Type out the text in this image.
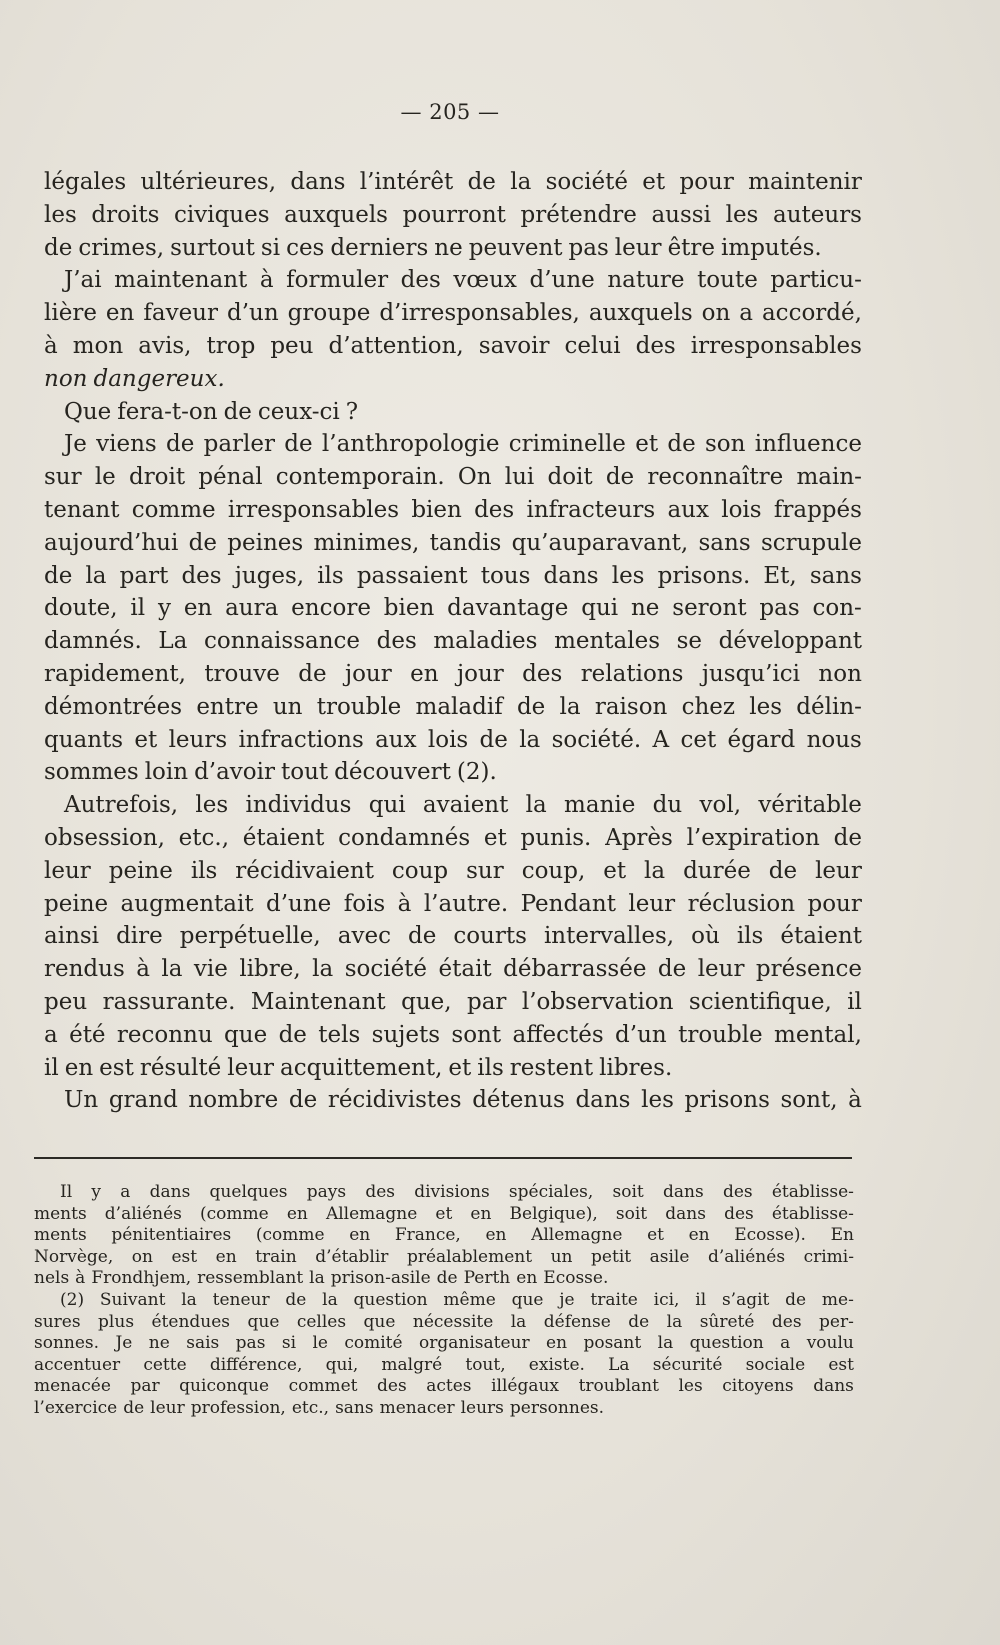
— 205 —
légales ultérieures, dans l’intérêt de la société et pour maintenir
les droits civiques auxquels pourront prétendre aussi les auteurs
de crimes, surtout si ces derniers ne peuvent pas leur être imputés.
J’ai maintenant à formuler des vœux d’une nature toute particu-
lière en faveur d’un groupe d’irresponsables, auxquels on a accordé,
à mon avis, trop peu d’attention, savoir celui des irresponsables
non dangereux.
Que fera-t-on de ceux-ci ?
Je viens de parler de l’anthropologie criminelle et de son influence
sur le droit pénal contemporain. On lui doit de reconnaître main-
tenant comme irresponsables bien des infracteurs aux lois frappés
aujourd’hui de peines minimes, tandis qu’auparavant, sans scrupule
de la part des juges, ils passaient tous dans les prisons. Et, sans
doute, il y en aura encore bien davantage qui ne seront pas con-
damnés. La connaissance des maladies mentales se développant
rapidement, trouve de jour en jour des relations jusqu’ici non
démontrées entre un trouble maladif de la raison chez les délin-
quants et leurs infractions aux lois de la société. A cet égard nous
sommes loin d’avoir tout découvert (2).
Autrefois, les individus qui avaient la manie du vol, véritable
obsession, etc., étaient condamnés et punis. Après l’expiration de
leur peine ils récidivaient coup sur coup, et la durée de leur
peine augmentait d’une fois à l’autre. Pendant leur réclusion pour
ainsi dire perpétuelle, avec de courts intervalles, où ils étaient
rendus à la vie libre, la société était débarrassée de leur présence
peu rassurante. Maintenant que, par l’observation scientifique, il
a été reconnu que de tels sujets sont affectés d’un trouble mental,
il en est résulté leur acquittement, et ils restent libres.
Un grand nombre de récidivistes détenus dans les prisons sont, à
Il y a dans quelques pays des divisions spéciales, soit dans des établisse-
ments d’aliénés (comme en Allemagne et en Belgique), soit dans des établisse-
ments pénitentiaires (comme en France, en Allemagne et en Ecosse). En
Norvège, on est en train d’établir préalablement un petit asile d’aliénés crimi-
nels à Frondhjem, ressemblant la prison-asile de Perth en Ecosse.
(2) Suivant la teneur de la question même que je traite ici, il s’agit de me-
sures plus étendues que celles que nécessite la défense de la sûreté des per-
sonnes. Je ne sais pas si le comité organisateur en posant la question a voulu
accentuer cette différence, qui, malgré tout, existe. La sécurité sociale est
menacée par quiconque commet des actes illégaux troublant les citoyens dans
l’exercice de leur profession, etc., sans menacer leurs personnes.
